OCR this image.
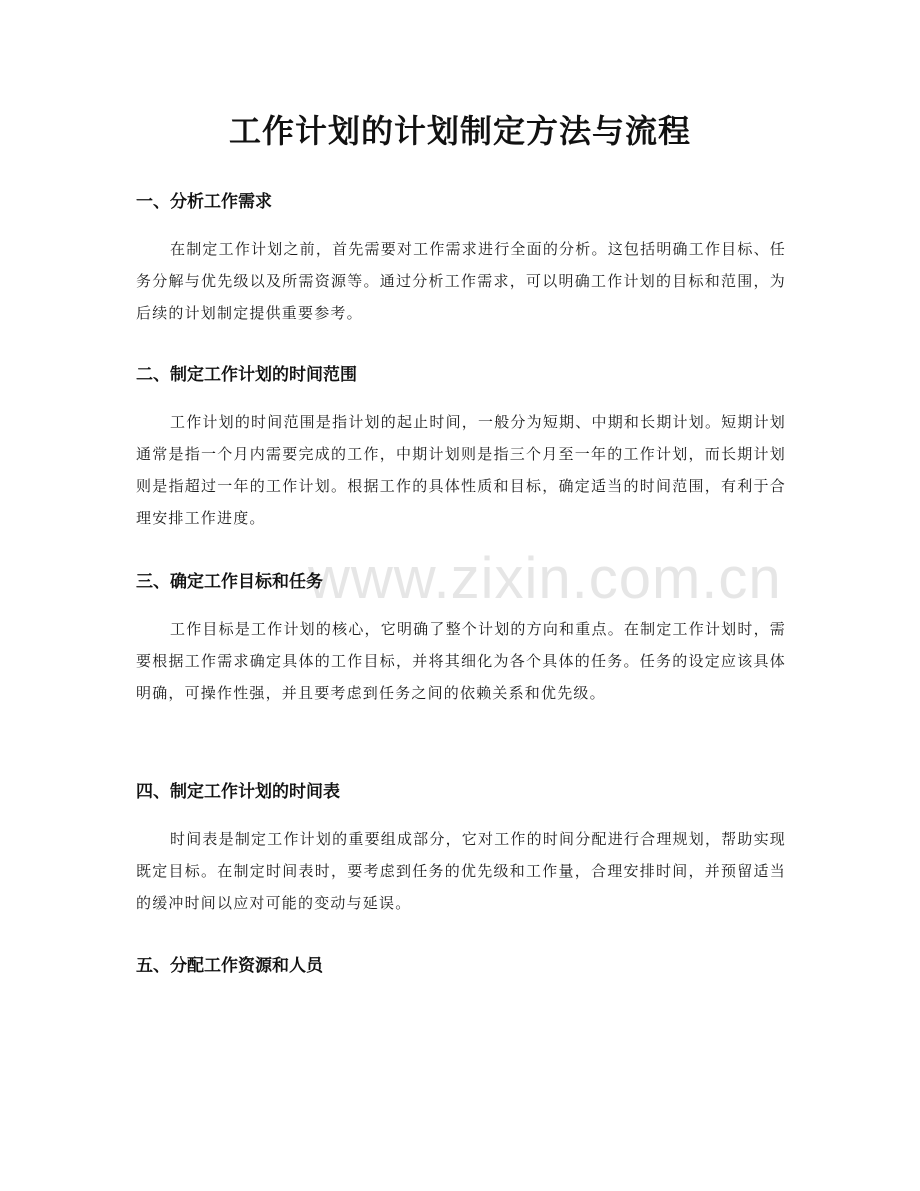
www.zixin.com.cn
工作计划的计划制定方法与流程
一、分析工作需求

在制定工作计划之前，首先需要对工作需求进行全面的分析。这包括明确工作目标、任务分解与优先级以及所需资源等。通过分析工作需求，可以明确工作计划的目标和范围，为后续的计划制定提供重要参考。

二、制定工作计划的时间范围

工作计划的时间范围是指计划的起止时间，一般分为短期、中期和长期计划。短期计划通常是指一个月内需要完成的工作，中期计划则是指三个月至一年的工作计划，而长期计划则是指超过一年的工作计划。根据工作的具体性质和目标，确定适当的时间范围，有利于合理安排工作进度。

三、确定工作目标和任务

工作目标是工作计划的核心，它明确了整个计划的方向和重点。在制定工作计划时，需要根据工作需求确定具体的工作目标，并将其细化为各个具体的任务。任务的设定应该具体明确，可操作性强，并且要考虑到任务之间的依赖关系和优先级。

四、制定工作计划的时间表

时间表是制定工作计划的重要组成部分，它对工作的时间分配进行合理规划，帮助实现既定目标。在制定时间表时，要考虑到任务的优先级和工作量，合理安排时间，并预留适当的缓冲时间以应对可能的变动与延误。

五、分配工作资源和人员
